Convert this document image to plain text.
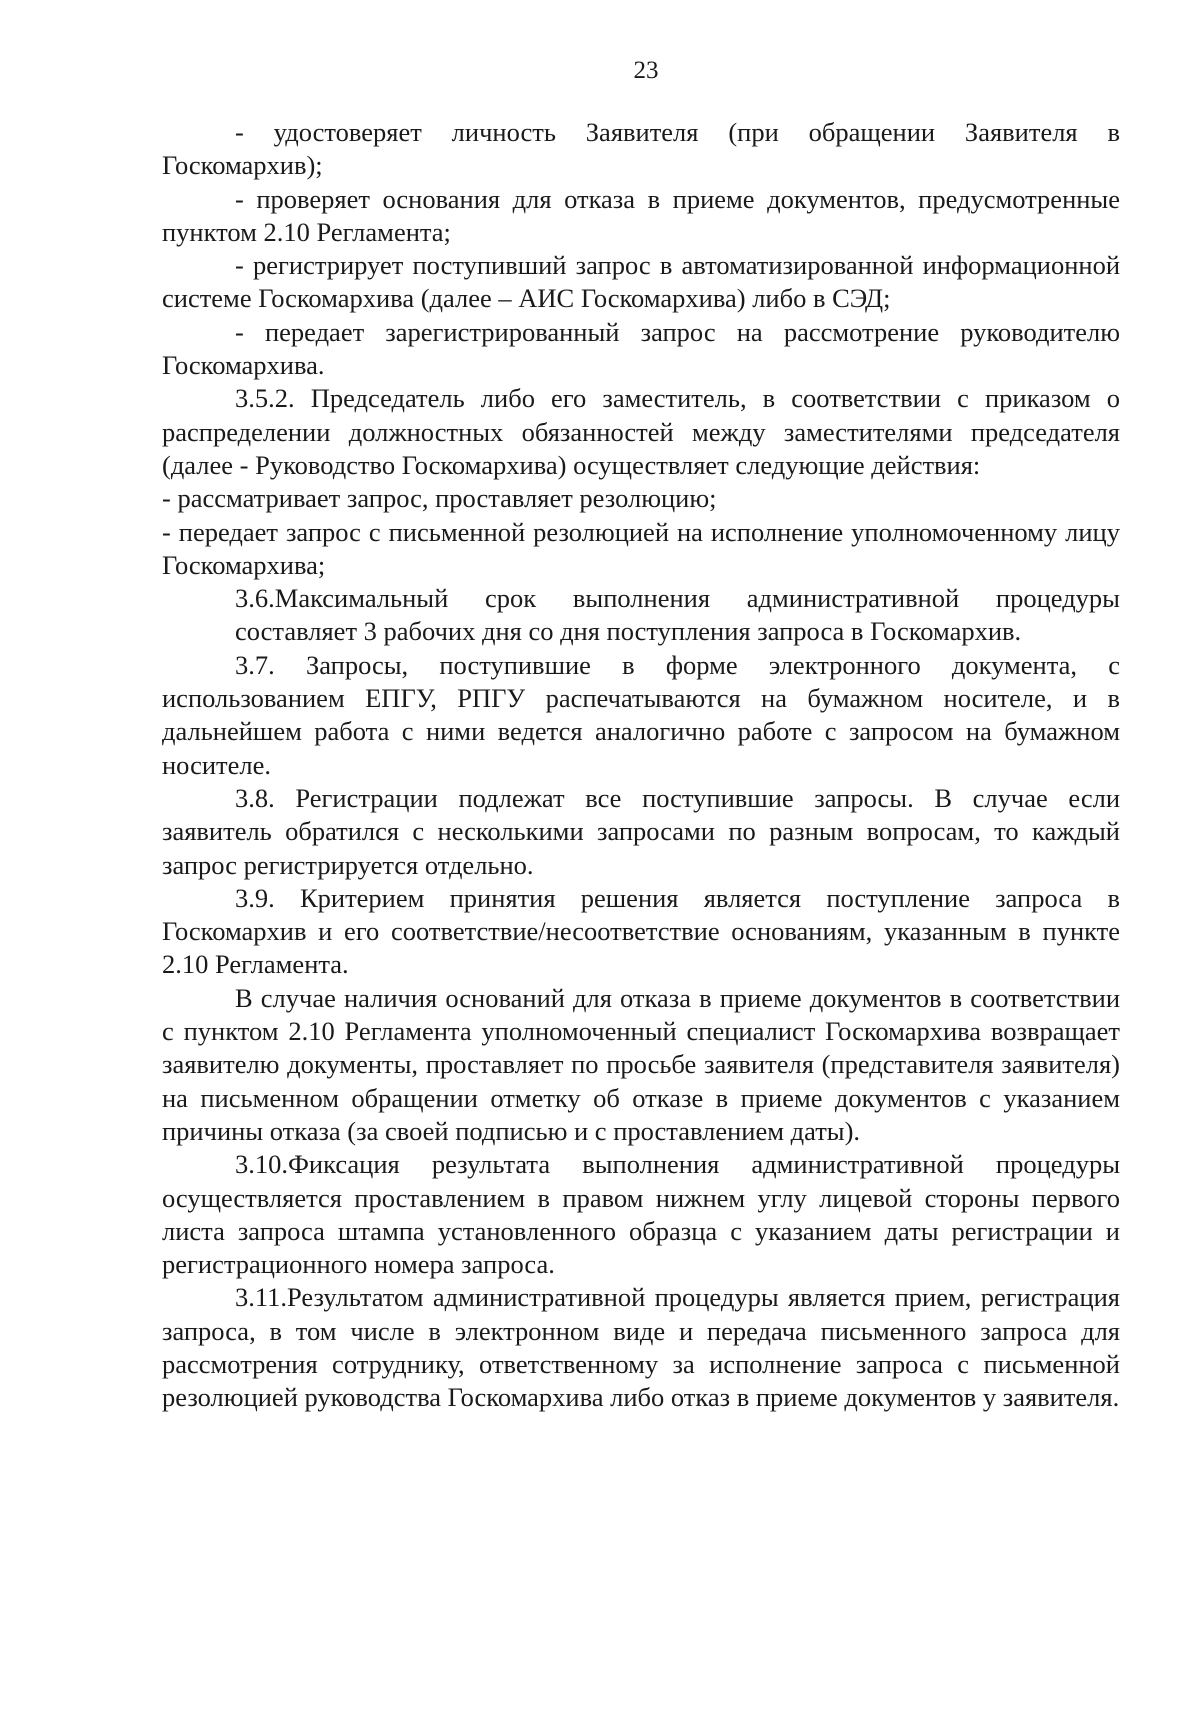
23

- удостоверяет личность Заявителя (при обращении Заявителя в Госкомархив);

- проверяет основания для отказа в приеме документов, предусмотренные пунктом 2.10 Регламента;

- регистрирует поступивший запрос в автоматизированной информационной системе Госкомархива (далее – АИС Госкомархива) либо в СЭД;

- передает зарегистрированный запрос на рассмотрение руководителю Госкомархива.

3.5.2. Председатель либо его заместитель, в соответствии с приказом о распределении должностных обязанностей между заместителями председателя (далее - Руководство Госкомархива) осуществляет следующие действия:

- рассматривает запрос, проставляет резолюцию;

- передает запрос с письменной резолюцией на исполнение уполномоченному лицу Госкомархива;

3.6.Максимальный срок выполнения административной процедуры составляет 3 рабочих дня со дня поступления запроса в Госкомархив.

3.7. Запросы, поступившие в форме электронного документа, с использованием ЕПГУ, РПГУ распечатываются на бумажном носителе, и в дальнейшем работа с ними ведется аналогично работе с запросом на бумажном носителе.

3.8. Регистрации подлежат все поступившие запросы. В случае если заявитель обратился с несколькими запросами по разным вопросам, то каждый запрос регистрируется отдельно.

3.9. Критерием принятия решения является поступление запроса в Госкомархив и его соответствие/несоответствие основаниям, указанным в пункте 2.10 Регламента.

В случае наличия оснований для отказа в приеме документов в соответствии с пунктом 2.10 Регламента уполномоченный специалист Госкомархива возвращает заявителю документы, проставляет по просьбе заявителя (представителя заявителя) на письменном обращении отметку об отказе в приеме документов с указанием причины отказа (за своей подписью и с проставлением даты).

3.10.Фиксация результата выполнения административной процедуры осуществляется проставлением в правом нижнем углу лицевой стороны первого листа запроса штампа установленного образца с указанием даты регистрации и регистрационного номера запроса.

3.11.Результатом административной процедуры является прием, регистрация запроса, в том числе в электронном виде и передача письменного запроса для рассмотрения сотруднику, ответственному за исполнение запроса с письменной резолюцией руководства Госкомархива либо отказ в приеме документов у заявителя.
